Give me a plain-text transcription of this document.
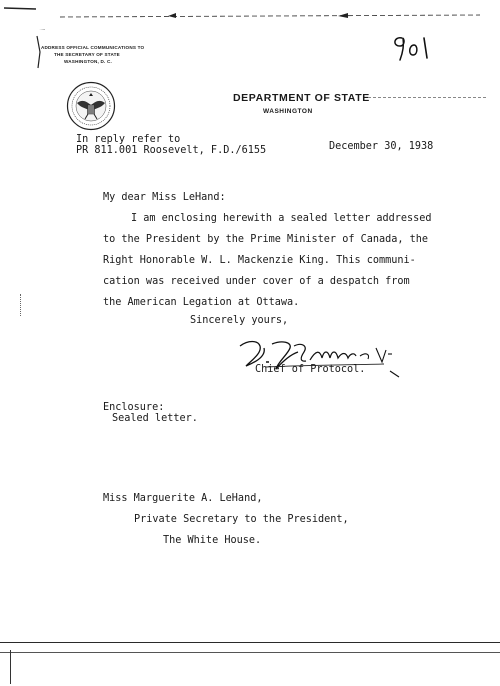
ADDRESS OFFICIAL COMMUNICATIONS TO
THE SECRETARY OF STATE
WASHINGTON, D. C.
DEPARTMENT OF STATE
WASHINGTON
In reply refer to
PR 811.001 Roosevelt, F.D./6155	December 30, 1938
My dear Miss LeHand:
I am enclosing herewith a sealed letter addressed
to the President by the Prime Minister of Canada, the
Right Honorable W. L. Mackenzie King. This communi-
cation was received under cover of a despatch from
the American Legation at Ottawa.
Sincerely yours,
Chief of Protocol.
Enclosure:
Sealed letter.
Miss Marguerite A. LeHand,
Private Secretary to the President,
The White House.
